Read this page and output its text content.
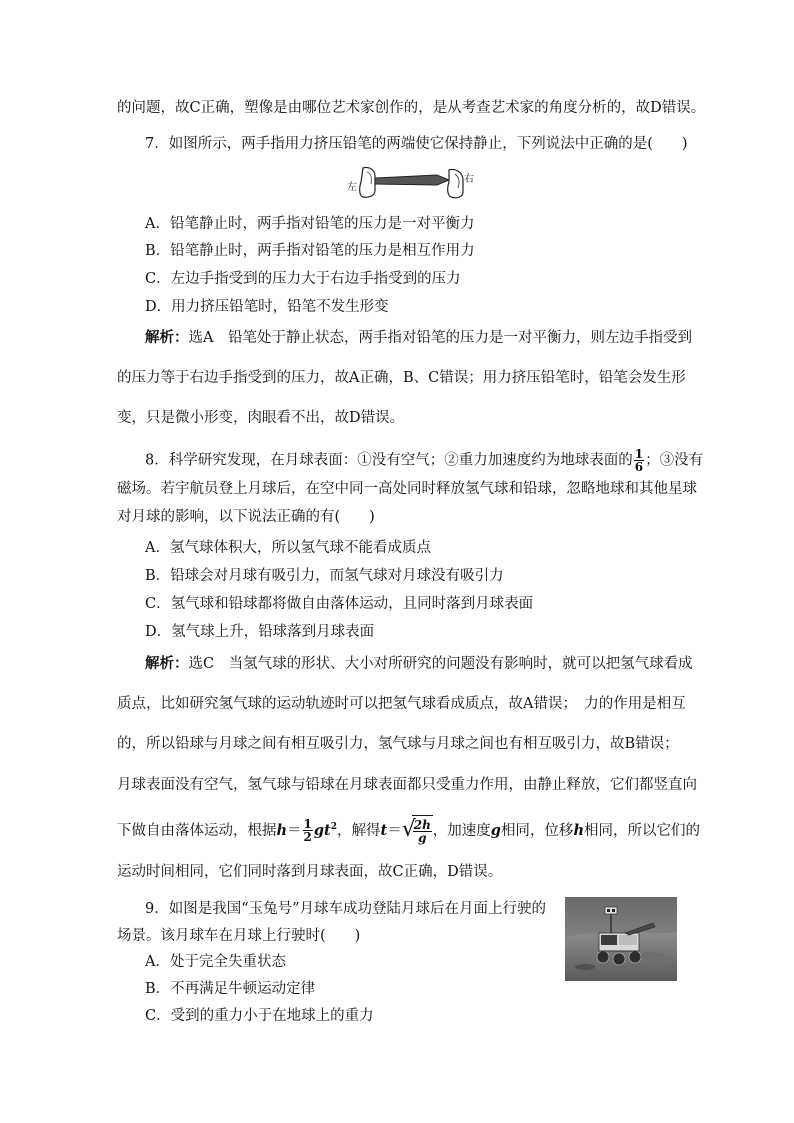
的问题，故C正确，塑像是由哪位艺术家创作的，是从考查艺术家的角度分析的，故D错误。
7．如图所示，两手指用力挤压铅笔的两端使它保持静止，下列说法中正确的是(　　)
左
右
A．铅笔静止时，两手指对铅笔的压力是一对平衡力
B．铅笔静止时，两手指对铅笔的压力是相互作用力
C．左边手指受到的压力大于右边手指受到的压力
D．用力挤压铅笔时，铅笔不发生形变
解析：选A　铅笔处于静止状态，两手指对铅笔的压力是一对平衡力，则左边手指受到
的压力等于右边手指受到的压力，故A正确，B、C错误；用力挤压铅笔时，铅笔会发生形
变，只是微小形变，肉眼看不出，故D错误。
8．科学研究发现，在月球表面：①没有空气；②重力加速度约为地球表面的 $\frac{1}{6}$ ；③没有
磁场。若宇航员登上月球后，在空中同一高处同时释放氢气球和铅球，忽略地球和其他星球
对月球的影响，以下说法正确的有(　　)
A．氢气球体积大，所以氢气球不能看成质点
B．铅球会对月球有吸引力，而氢气球对月球没有吸引力
C．氢气球和铅球都将做自由落体运动，且同时落到月球表面
D．氢气球上升，铅球落到月球表面
解析：选C　当氢气球的形状、大小对所研究的问题没有影响时，就可以把氢气球看成
质点，比如研究氢气球的运动轨迹时可以把氢气球看成质点，故A错误；　力的作用是相互
的，所以铅球与月球之间有相互吸引力，氢气球与月球之间也有相互吸引力，故B错误；
月球表面没有空气，氢气球与铅球在月球表面都只受重力作用，由静止释放，它们都竖直向
下做自由落体运动，根据$h= \frac{1}{2} gt^2$，解得t＝ √
$\frac{2h}{g}$ ，加速度g相同，位移h相同，所以它们的
运动时间相同，它们同时落到月球表面，故C正确，D错误。
9．如图是我国“玉兔号”月球车成功登陆月球后在月面上行驶的
场景。该月球车在月球上行驶时(　　)
A．处于完全失重状态
B．不再满足牛顿运动定律
C．受到的重力小于在地球上的重力
